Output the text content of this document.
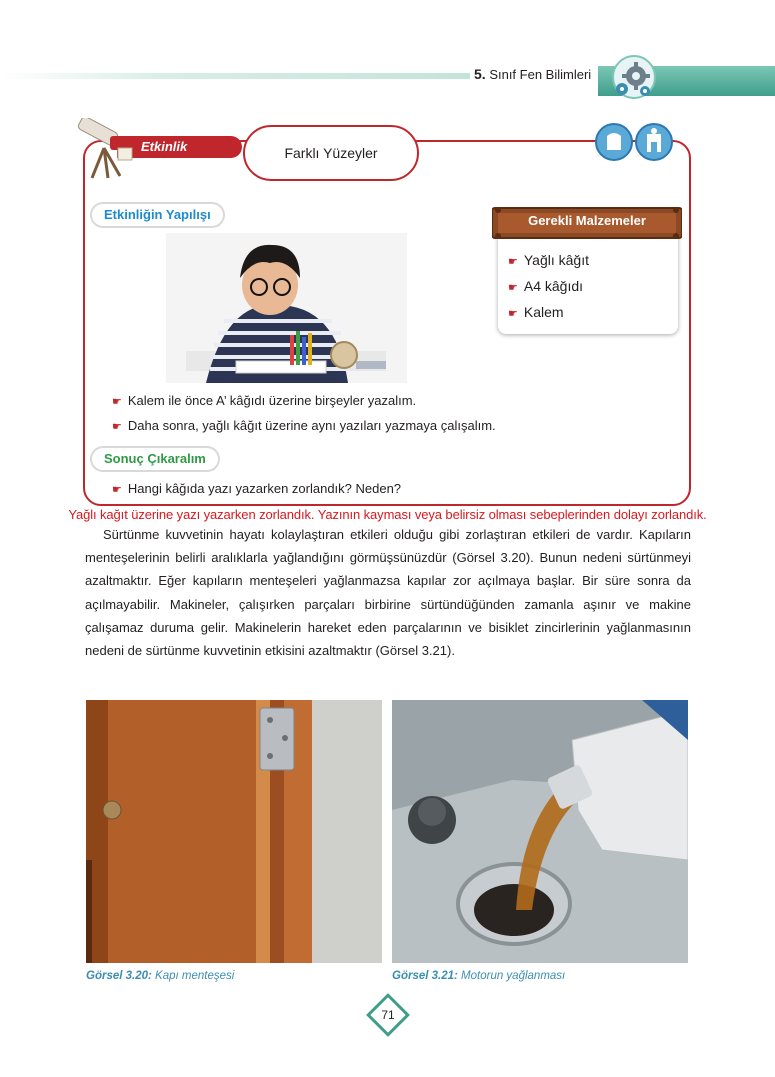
5. Sınıf Fen Bilimleri
Etkinlik	Farklı Yüzeyler
Etkinliğin Yapılışı	Gerekli Malzemeler
☛ Yağlı kâğıt
☛ A4 kâğıdı
☛ Kalem
☛ Kalem ile önce A’ kâğıdı üzerine birşeyler yazalım.
☛ Daha sonra, yağlı kâğıt üzerine aynı yazıları yazmaya çalışalım.
Sonuç Çıkaralım
☛ Hangi kâğıda yazı yazarken zorlandık? Neden?
Yağlı kağıt üzerine yazı yazarken zorlandık. Yazının kayması veya belirsiz olması sebeplerinden dolayı zorlandık.

Sürtünme kuvvetinin hayatı kolaylaştıran etkileri olduğu gibi zorlaştıran etkileri de vardır. Kapıların menteşelerinin belirli aralıklarla yağlandığını görmüşsünüzdür (Görsel 3.20). Bunun nedeni sürtünmeyi azaltmaktır. Eğer kapıların menteşeleri yağlanmazsa kapılar zor açılmaya başlar. Bir süre sonra da açılmayabilir. Makineler, çalışırken parçaları birbirine sürtündüğünden zamanla aşınır ve makine çalışamaz duruma gelir. Makinelerin hareket eden parçalarının ve bisiklet zincirlerinin yağlanmasının nedeni de sürtünme kuvvetinin etkisini azaltmaktır (Görsel 3.21).

Görsel 3.20: Kapı menteşesi	Görsel 3.21: Motorun yağlanması
71
